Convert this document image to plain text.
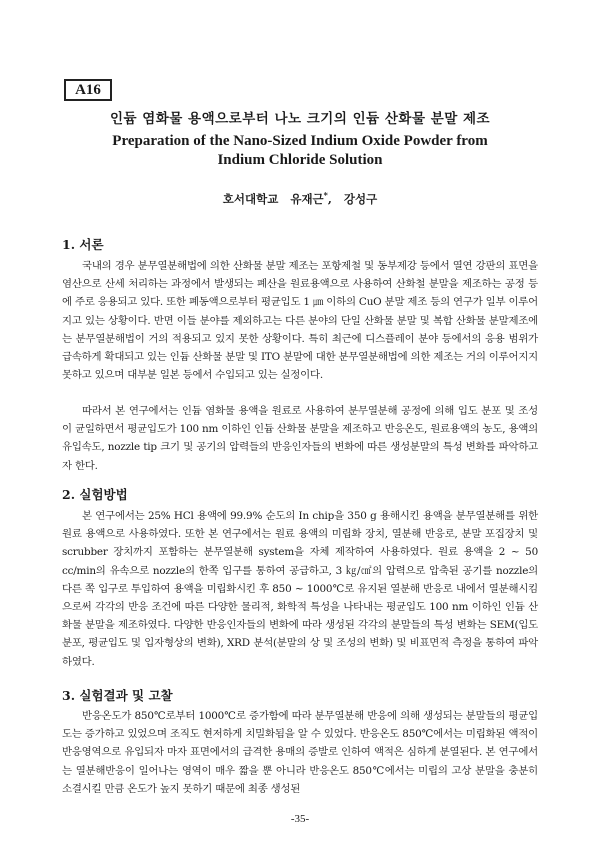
A16
인듐 염화물 용액으로부터 나노 크기의 인듐 산화물 분말 제조
Preparation of the Nano-Sized Indium Oxide Powder from
Indium Chloride Solution
호서대학교 유재근*, 강성구
1. 서론
국내의 경우 분무열분해법에 의한 산화물 분말 제조는 포항제철 및 동부제강 등에서 열연 강판의 표면을 염산으로 산세 처리하는 과정에서 발생되는 폐산을 원료용액으로 사용하여 산화철 분말을 제조하는 공정 등에 주로 응용되고 있다. 또한 폐동액으로부터 평균입도 1 ㎛ 이하의 CuO 분말 제조 등의 연구가 일부 이루어지고 있는 상황이다. 반면 이들 분야를 제외하고는 다른 분야의 단일 산화물 분말 및 복합 산화물 분말제조에는 분무열분해법이 거의 적용되고 있지 못한 상황이다. 특히 최근에 디스플레이 분야 등에서의 응용 범위가 급속하게 확대되고 있는 인듐 산화물 분말 및 ITO 분말에 대한 분무열분해법에 의한 제조는 거의 이루어지지 못하고 있으며 대부분 일본 등에서 수입되고 있는 실정이다.
따라서 본 연구에서는 인듐 염화물 용액을 원료로 사용하여 분무열분해 공정에 의해 입도 분포 및 조성이 균일하면서 평균입도가 100 nm 이하인 인듐 산화물 분말을 제조하고 반응온도, 원료용액의 농도, 용액의 유입속도, nozzle tip 크기 및 공기의 압력들의 반응인자들의 변화에 따른 생성분말의 특성 변화를 파악하고자 한다.
2. 실험방법
본 연구에서는 25% HCl 용액에 99.9% 순도의 In chip을 350 g 용해시킨 용액을 분무열분해를 위한 원료 용액으로 사용하였다. 또한 본 연구에서는 원료 용액의 미립화 장치, 열분해 반응로, 분말 포집장치 및 scrubber 장치까지 포함하는 분무열분해 system을 자체 제작하여 사용하였다. 원료 용액을 2 ~ 50 cc/min의 유속으로 nozzle의 한쪽 입구를 통하여 공급하고, 3 ㎏/㎠의 압력으로 압축된 공기를 nozzle의 다른 쪽 입구로 투입하여 용액을 미립화시킨 후 850 ~ 1000℃로 유지된 열분해 반응로 내에서 열분해시킴으로써 각각의 반응 조건에 따른 다양한 물리적, 화학적 특성을 나타내는 평균입도 100 nm 이하인 인듐 산화물 분말을 제조하였다. 다양한 반응인자들의 변화에 따라 생성된 각각의 분말들의 특성 변화는 SEM(입도분포, 평균입도 및 입자형상의 변화), XRD 분석(분말의 상 및 조성의 변화) 및 비표면적 측정을 통하여 파악하였다.
3. 실험결과 및 고찰
반응온도가 850℃로부터 1000℃로 증가함에 따라 분무열분해 반응에 의해 생성되는 분말들의 평균입도는 증가하고 있었으며 조직도 현저하게 치밀화됨을 알 수 있었다. 반응온도 850℃에서는 미립화된 액적이 반응영역으로 유입되자 마자 표면에서의 급격한 용매의 증발로 인하여 액적은 심하게 분열된다. 본 연구에서는 열분해반응이 일어나는 영역이 매우 짧을 뿐 아니라 반응온도 850℃에서는 미립의 고상 분말을 충분히 소결시킬 만큼 온도가 높지 못하기 때문에 최종 생성된
-35-
